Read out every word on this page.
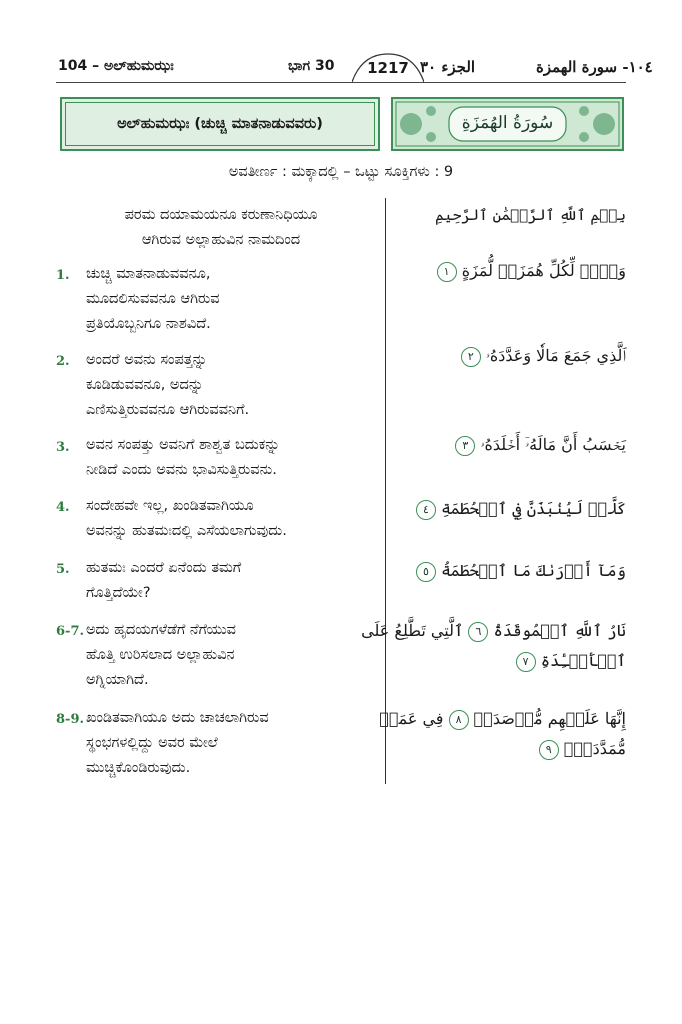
104 – ಅಲ್‌ಹುಮಝಃ	ಭಾಗ 30	1217 الجزء ٣٠	١٠٤- سورة الهمزة
ಅಲ್‌ಹುಮಝಃ (ಚುಚ್ಚಿ ಮಾತನಾಡುವವರು)	سُورَةُ الهُمَزَةِ
ಅವತೀರ್ಣ : ಮಕ್ಕಾದಲ್ಲಿ – ಒಟ್ಟು ಸೂಕ್ತಿಗಳು : 9
ಪರಮ ದಯಾಮಯನೂ ಕರುಣಾನಿಧಿಯೂ
ಆಗಿರುವ ಅಲ್ಲಾಹುವಿನ ನಾಮದಿಂದ
بِسۡمِ ٱللَّهِ ٱلرَّحۡمَٰنِ ٱلرَّحِيمِ
1. ಚುಚ್ಚಿ ಮಾತನಾಡುವವನೂ,
ಮೂದಲಿಸುವವನೂ ಆಗಿರುವ
ಪ್ರತಿಯೊಬ್ಬನಿಗೂ ನಾಶವಿದೆ.
وَيۡلٞ لِّكُلِّ هُمَزَةٖ لُّمَزَةٍ ١
2. ಅಂದರೆ ಅವನು ಸಂಪತ್ತನ್ನು
ಕೂಡಿಡುವವನೂ, ಅದನ್ನು
ಎಣಿಸುತ್ತಿರುವವನೂ ಆಗಿರುವವನಿಗೆ.
ٱلَّذِي جَمَعَ مَالٗا وَعَدَّدَهُۥ ٢
3. ಅವನ ಸಂಪತ್ತು ಅವನಿಗೆ ಶಾಶ್ವತ ಬದುಕನ್ನು
ನೀಡಿದೆ ಎಂದು ಅವನು ಭಾವಿಸುತ್ತಿರುವನು.
يَحۡسَبُ أَنَّ مَالَهُۥٓ أَخۡلَدَهُۥ ٣
4. ಸಂದೇಹವೇ ಇಲ್ಲ, ಖಂಡಿತವಾಗಿಯೂ
ಅವನನ್ನು ಹುತಮಃದಲ್ಲಿ ಎಸೆಯಲಾಗುವುದು.
كَلَّاۖ لَيُنۢبَذَنَّ فِي ٱلۡحُطَمَةِ ٤
5. ಹುತಮಃ ಎಂದರೆ ಏನೆಂದು ತಮಗೆ
ಗೊತ್ತಿದೆಯೇ?
وَمَآ أَدۡرَىٰكَ مَا ٱلۡحُطَمَةُ ٥
6-7. ಅದು ಹೃದಯಗಳೆಡೆಗೆ ನೆಗೆಯುವ
ಹೊತ್ತಿ ಉರಿಸಲಾದ ಅಲ್ಲಾಹುವಿನ
ಅಗ್ನಿಯಾಗಿದೆ.
نَارُ ٱللَّهِ ٱلۡمُوقَدَةُ ٦ ٱلَّتِي تَطَّلِعُ عَلَى
ٱلۡأَفۡـِٔدَةِ ٧
8-9. ಖಂಡಿತವಾಗಿಯೂ ಅದು ಚಾಚಲಾಗಿರುವ
ಸ್ಥಂಭಗಳಲ್ಲಿದ್ದು ಅವರ ಮೇಲೆ
ಮುಚ್ಚಿಕೊಂಡಿರುವುದು.
إِنَّهَا عَلَيۡهِم مُّؤۡصَدَةٞ ٨ فِي عَمَدٖ
مُّمَدَّدَةِۭ ٩
